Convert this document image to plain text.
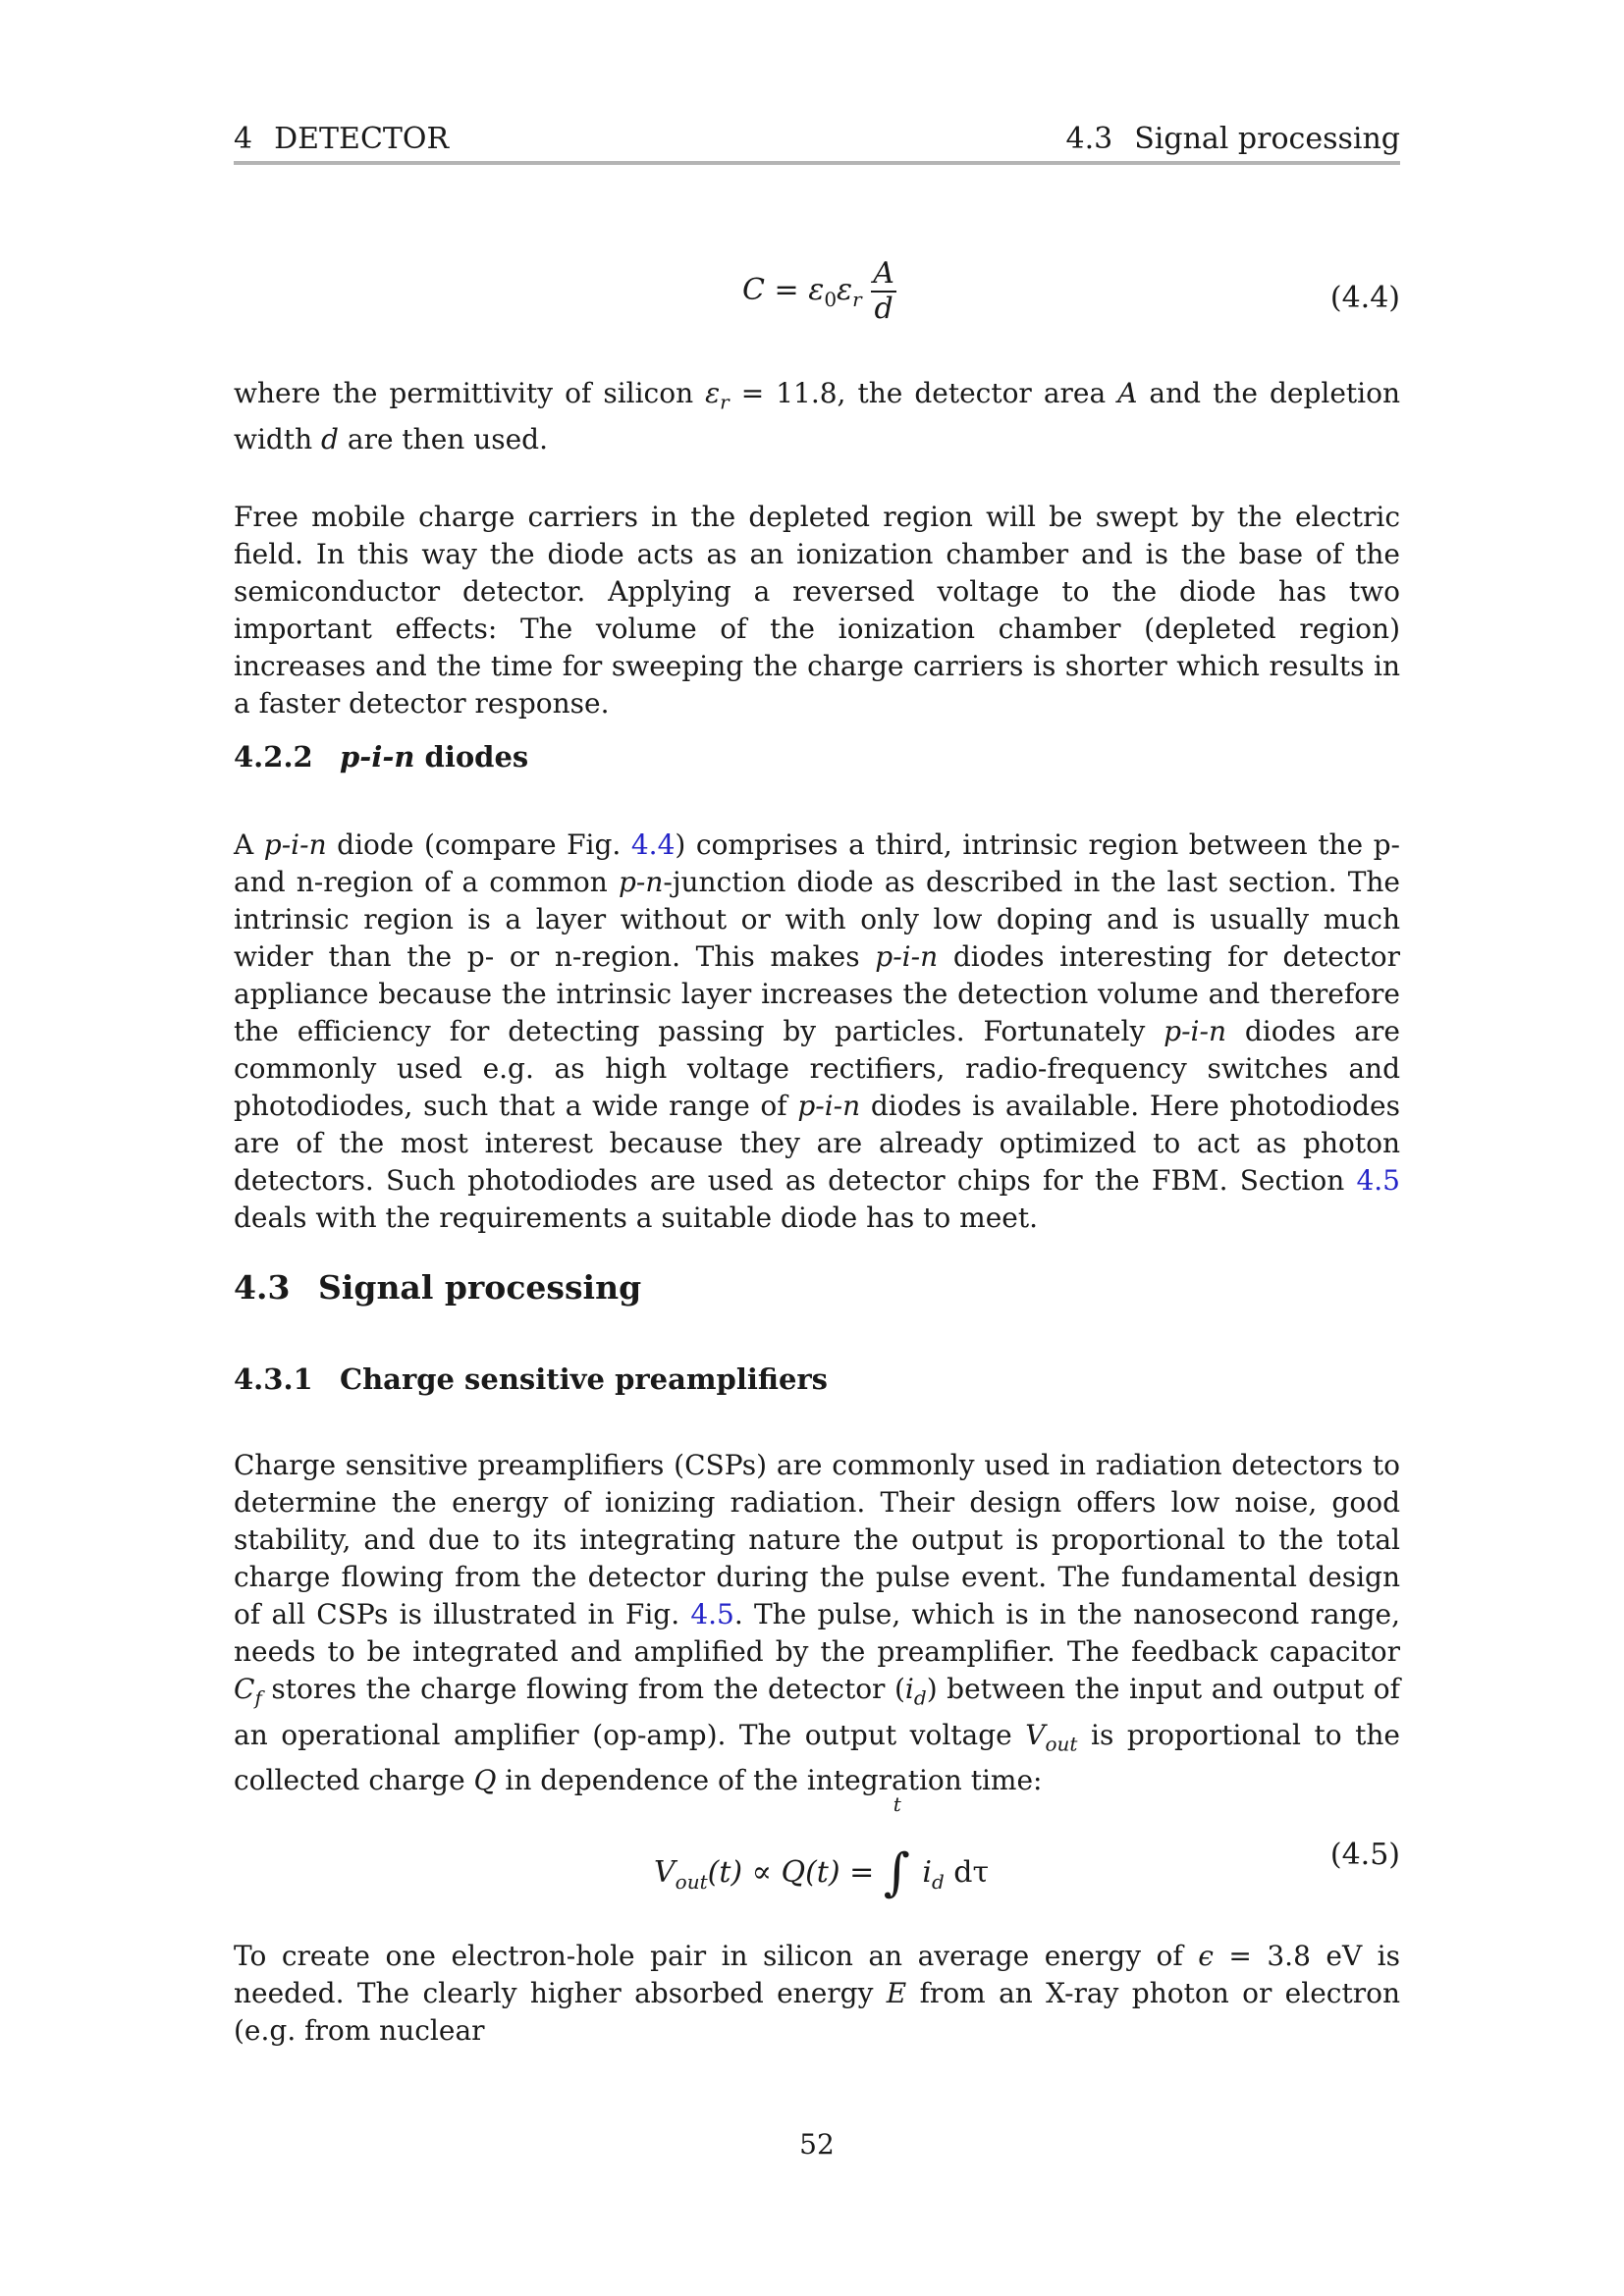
4 DETECTOR	4.3 Signal processing
$C = \varepsilon_0\varepsilon_r \frac{A}{d}$	(4.4)

where the permittivity of silicon $\varepsilon_r = 11.8$, the detector area A and the depletion width d are then used.

Free mobile charge carriers in the depleted region will be swept by the electric field. In this way the diode acts as an ionization chamber and is the base of the semiconductor detector. Applying a reversed voltage to the diode has two important effects: The volume of the ionization chamber (depleted region) increases and the time for sweeping the charge carriers is shorter which results in a faster detector response.

4.2.2 p-i-n diodes

A p-i-n diode (compare Fig. 4.4) comprises a third, intrinsic region between the p- and n-region of a common p-n-junction diode as described in the last section. The intrinsic region is a layer without or with only low doping and is usually much wider than the p- or n-region. This makes p-i-n diodes interesting for detector appliance because the intrinsic layer increases the detection volume and therefore the efficiency for detecting passing by particles. Fortunately p-i-n diodes are commonly used e.g. as high voltage rectifiers, radio-frequency switches and photodiodes, such that a wide range of p-i-n diodes is available. Here photodiodes are of the most interest because they are already optimized to act as photon detectors. Such photodiodes are used as detector chips for the FBM. Section 4.5 deals with the requirements a suitable diode has to meet.

4.3 Signal processing
4.3.1 Charge sensitive preamplifiers

Charge sensitive preamplifiers (CSPs) are commonly used in radiation detectors to determine the energy of ionizing radiation. Their design offers low noise, good stability, and due to its integrating nature the output is proportional to the total charge flowing from the detector during the pulse event. The fundamental design of all CSPs is illustrated in Fig. 4.5. The pulse, which is in the nanosecond range, needs to be integrated and amplified by the preamplifier. The feedback capacitor $C_f$ stores the charge flowing from the detector $(i_d)$ between the input and output of an operational amplifier (op-amp). The output voltage $V_{out}$ is proportional to the collected charge Q in dependence of the integration time:

$V_{out}(t) \propto Q(t)$ =
t
∫ $i_d$ dτ
(4.5)

To create one electron-hole pair in silicon an average energy of ϵ = 3.8 eV is needed. The clearly higher absorbed energy E from an X-ray photon or electron (e.g. from nuclear

52
